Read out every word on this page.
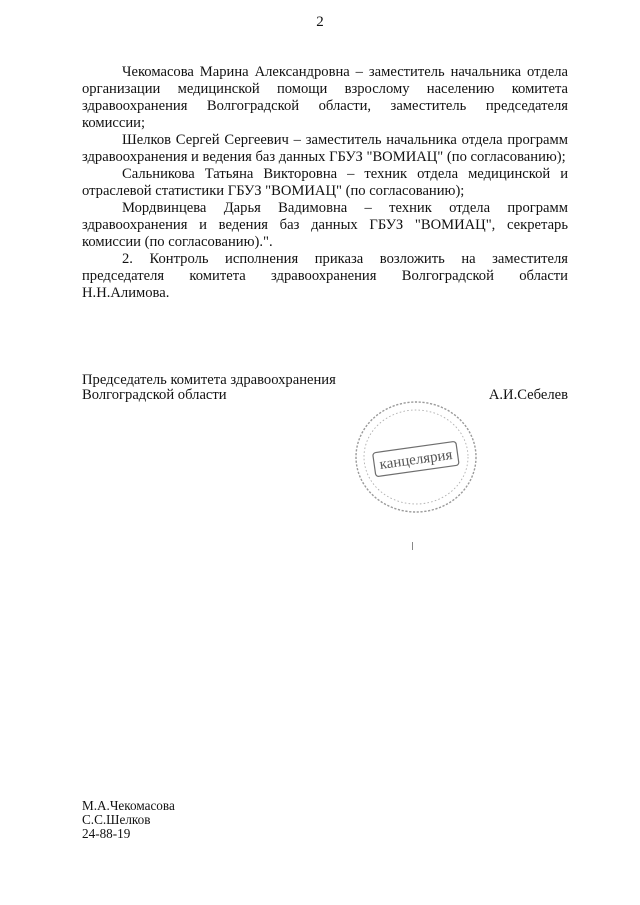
2

Чекомасова Марина Александровна – заместитель начальника отдела организации медицинской помощи взрослому населению комитета здравоохранения Волгоградской области, заместитель председателя комиссии;

Шелков Сергей Сергеевич – заместитель начальника отдела программ здравоохранения и ведения баз данных ГБУЗ "ВОМИАЦ" (по согласованию);

Сальникова Татьяна Викторовна – техник отдела медицинской и отраслевой статистики ГБУЗ "ВОМИАЦ" (по согласованию);

Мордвинцева Дарья Вадимовна – техник отдела программ здравоохранения и ведения баз данных ГБУЗ "ВОМИАЦ", секретарь комиссии (по согласованию).".

2. Контроль исполнения приказа возложить на заместителя председателя комитета здравоохранения Волгоградской области Н.Н.Алимова.

Председатель комитета здравоохранения
Волгоградской области	А.И.Себелев
канцелярия
М.А.Чекомасова
С.С.Шелков
24-88-19
